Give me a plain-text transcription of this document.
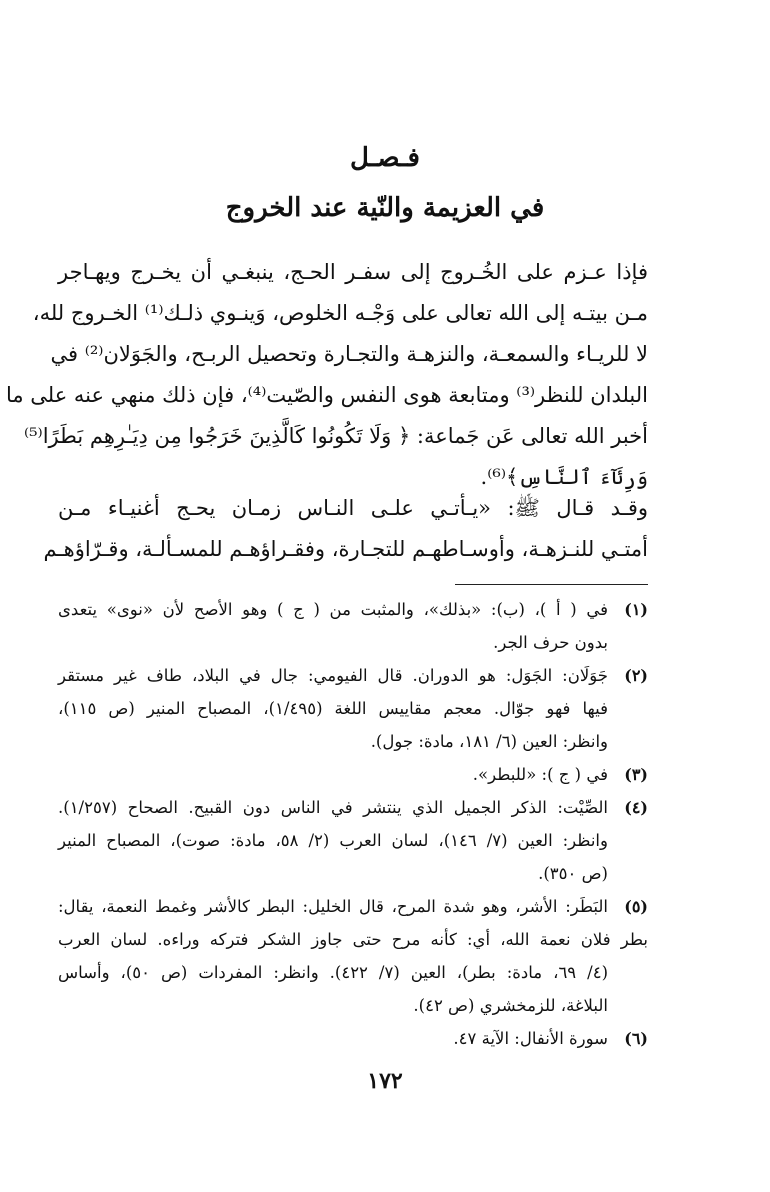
فـصـل
في العزيمة والنّية عند الخروج
فإذا عـزم على الخُـروج إلى سفـر الحـج، ينبغـي أن يخـرج ويهـاجر
مـن بيتـه إلى الله تعالى على وَجْـه الخلوص، وَينـوي ذلـك⁽¹⁾ الخـروج لله،
لا للريـاء والسمعـة، والنزهـة والتجـارة وتحصيل الربـح، والجَوَلان⁽²⁾ في
البلدان للنظر⁽³⁾ ومتابعة هوى النفس والصّيت⁽⁴⁾، فإن ذلك منهي عنه على ما
أخبر الله تعالى عَن جَماعة: ﴿ وَلَا تَكُونُوا كَالَّذِينَ خَرَجُوا مِن دِيَـٰرِهِم بَطَرًا⁽⁵⁾
وَرِئَآءَ ٱلنَّاسِ﴾⁽⁶⁾.
وقـد قـال ﷺ: «يـأتـي علـى النـاس زمـان يحـج أغنيـاء مـن
أمتـي للنـزهـة، وأوسـاطهـم للتجـارة، وفقـراؤهـم للمسـألـة، وقـرّاؤهـم
(١)
في ( أ )، (ب): «بذلك»، والمثبت من ( ج ) وهو الأصح لأن «نوى» يتعدى
بدون حرف الجر.
(٢)
جَوَلَان: الجَوَل: هو الدوران. قال الفيومي: جال في البلاد، طاف غير مستقر
فيها فهو جوّال. معجم مقاييس اللغة (١/٤٩٥)، المصباح المنير (ص ١١٥)،
وانظر: العين (٦/ ١٨١، مادة: جول).
(٣)
في ( ج ): «للبطر».
(٤)
الصِّيْت: الذكر الجميل الذي ينتشر في الناس دون القبيح. الصحاح (١/٢٥٧).
وانظر: العين (٧/ ١٤٦)، لسان العرب (٢/ ٥٨، مادة: صوت)، المصباح المنير
(ص ٣٥٠).
(٥)
البَطَر: الأشر، وهو شدة المرح، قال الخليل: البطر كالأشر وغمط النعمة، يقال:
بطر فلان نعمة الله، أي: كأنه مرح حتى جاوز الشكر فتركه وراءه. لسان العرب
(٤/ ٦٩، مادة: بطر)، العين (٧/ ٤٢٢). وانظر: المفردات (ص ٥٠)، وأساس
البلاغة، للزمخشري (ص ٤٢).
(٦)
سورة الأنفال: الآية ٤٧.
١٧٢
